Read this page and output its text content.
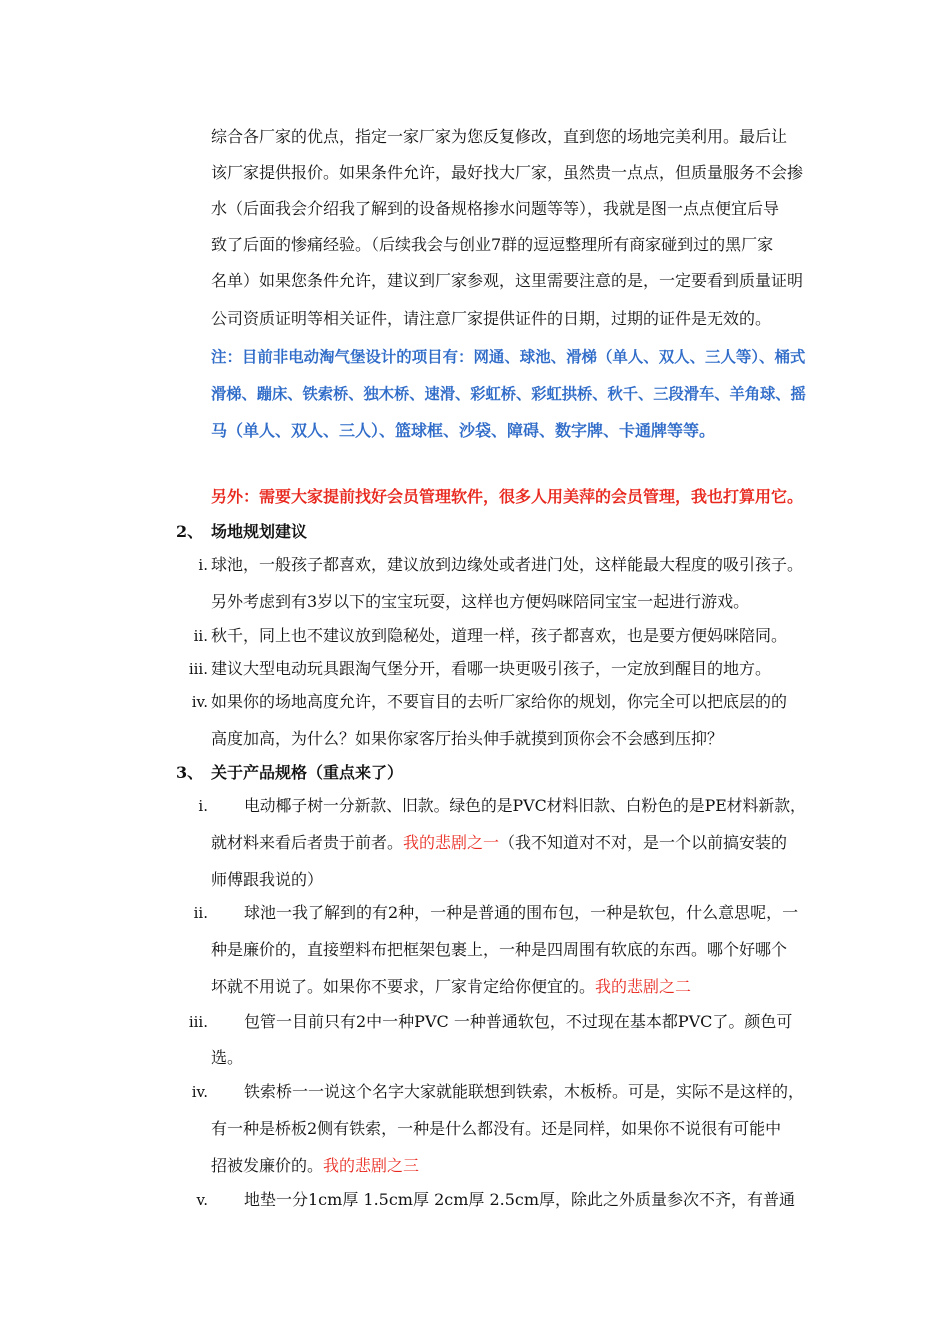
综合各厂家的优点，指定一家厂家为您反复修改，直到您的场地完美利用。最后让
该厂家提供报价。如果条件允许，最好找大厂家，虽然贵一点点，但质量服务不会掺
水（后面我会介绍我了解到的设备规格掺水问题等等），我就是图一点点便宜后导
致了后面的惨痛经验。（后续我会与创业7群的逗逗整理所有商家碰到过的黑厂家
名单）如果您条件允许，建议到厂家参观，这里需要注意的是，一定要看到质量证明
公司资质证明等相关证件，请注意厂家提供证件的日期，过期的证件是无效的。
注：目前非电动淘气堡设计的项目有：网通、球池、滑梯（单人、双人、三人等）、桶式
滑梯、蹦床、铁索桥、独木桥、速滑、彩虹桥、彩虹拱桥、秋千、三段滑车、羊角球、摇
马（单人、双人、三人）、篮球框、沙袋、障碍、数字牌、卡通牌等等。
另外：需要大家提前找好会员管理软件，很多人用美萍的会员管理，我也打算用它。
2、 场地规划建议
i. 球池，一般孩子都喜欢，建议放到边缘处或者进门处，这样能最大程度的吸引孩子。
另外考虑到有3岁以下的宝宝玩耍，这样也方便妈咪陪同宝宝一起进行游戏。
ii. 秋千，同上也不建议放到隐秘处，道理一样，孩子都喜欢，也是要方便妈咪陪同。
iii. 建议大型电动玩具跟淘气堡分开，看哪一块更吸引孩子，一定放到醒目的地方。
iv. 如果你的场地高度允许，不要盲目的去听厂家给你的规划，你完全可以把底层的的
高度加高，为什么？如果你家客厅抬头伸手就摸到顶你会不会感到压抑？
3、 关于产品规格（重点来了）
i. 电动椰子树一分新款、旧款。绿色的是PVC材料旧款、白粉色的是PE材料新款，
就材料来看后者贵于前者。我的悲剧之一（我不知道对不对，是一个以前搞安装的
师傅跟我说的）
ii. 球池一我了解到的有2种，一种是普通的围布包，一种是软包，什么意思呢，一
种是廉价的，直接塑料布把框架包裹上，一种是四周围有软底的东西。哪个好哪个
坏就不用说了。如果你不要求，厂家肯定给你便宜的。我的悲剧之二
iii. 包管一目前只有2中一种PVC 一种普通软包，不过现在基本都PVC了。颜色可
选。
iv. 铁索桥一一说这个名字大家就能联想到铁索，木板桥。可是，实际不是这样的，
有一种是桥板2侧有铁索，一种是什么都没有。还是同样，如果你不说很有可能中
招被发廉价的。我的悲剧之三
v. 地垫一分1cm厚 1.5cm厚 2cm厚 2.5cm厚，除此之外质量参次不齐，有普通
